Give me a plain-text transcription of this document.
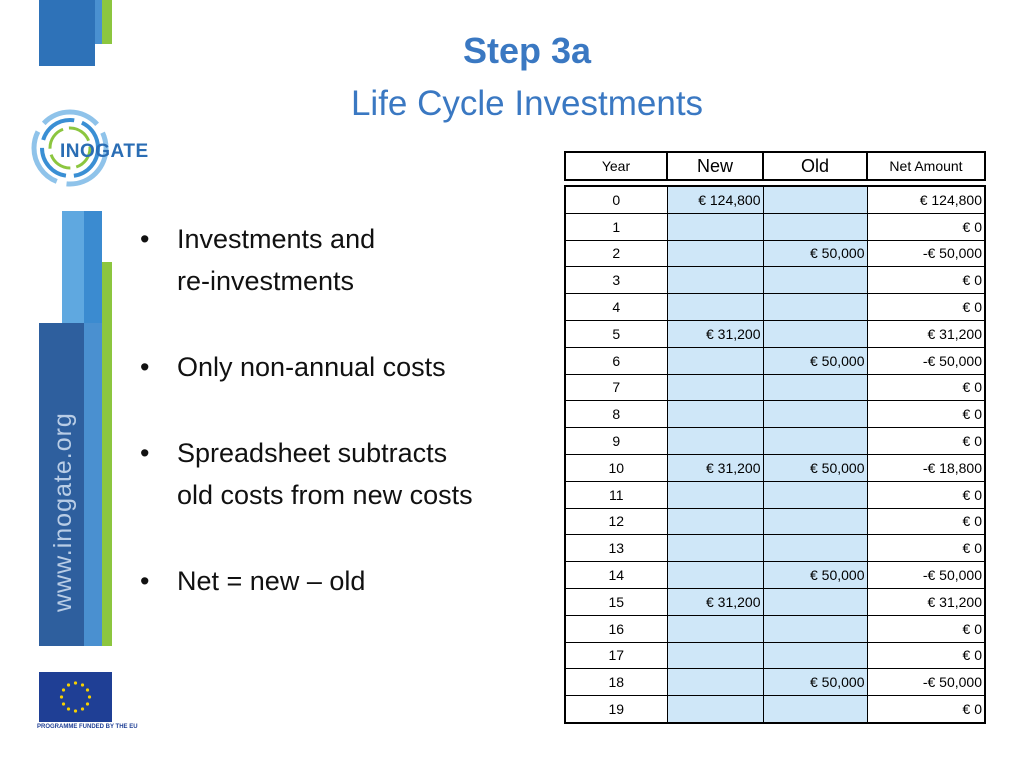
INOGATE
PROGRAMME FUNDED BY THE EU
Step 3a
Life Cycle Investments
• Investments and
re-investments
• Only non-annual costs
• Spreadsheet subtracts
old costs from new costs
• Net = new – old
Year	New	Old	Net Amount

0	€ 124,800		€ 124,800
1			€ 0
2		€ 50,000	-€ 50,000
3			€ 0
4			€ 0
5	€ 31,200		€ 31,200
6		€ 50,000	-€ 50,000
7			€ 0
8			€ 0
9			€ 0
10	€ 31,200	€ 50,000	-€ 18,800
11			€ 0
12			€ 0
13			€ 0
14		€ 50,000	-€ 50,000
15	€ 31,200		€ 31,200
16			€ 0
17			€ 0
18		€ 50,000	-€ 50,000
19			€ 0
